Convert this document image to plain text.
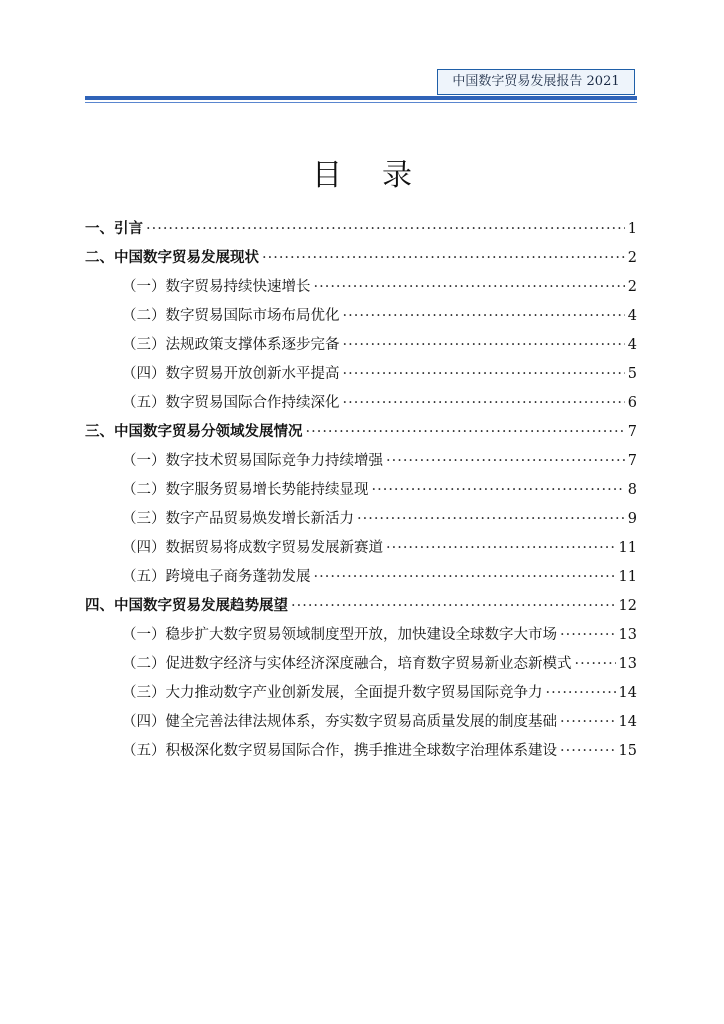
中国数字贸易发展报告 2021
目录
一、引言 ·····	1
二、中国数字贸易发展现状 ·····	2
（一）数字贸易持续快速增长 ·····	2
（二）数字贸易国际市场布局优化 ·····	4
（三）法规政策支撑体系逐步完备 ·····	4
（四）数字贸易开放创新水平提高 ·····	5
（五）数字贸易国际合作持续深化 ·····	6
三、中国数字贸易分领域发展情况 ·····	7
（一）数字技术贸易国际竞争力持续增强 ·····	7
（二）数字服务贸易增长势能持续显现 ·····	8
（三）数字产品贸易焕发增长新活力 ·····	9
（四）数据贸易将成数字贸易发展新赛道 ·····	11
（五）跨境电子商务蓬勃发展 ·····	11
四、中国数字贸易发展趋势展望 ·····	12
（一）稳步扩大数字贸易领域制度型开放，加快建设全球数字大市场 ·····	13
（二）促进数字经济与实体经济深度融合，培育数字贸易新业态新模式 ·····	13
（三）大力推动数字产业创新发展，全面提升数字贸易国际竞争力 ·····	14
（四）健全完善法律法规体系，夯实数字贸易高质量发展的制度基础 ·····	14
（五）积极深化数字贸易国际合作，携手推进全球数字治理体系建设 ·····	15
